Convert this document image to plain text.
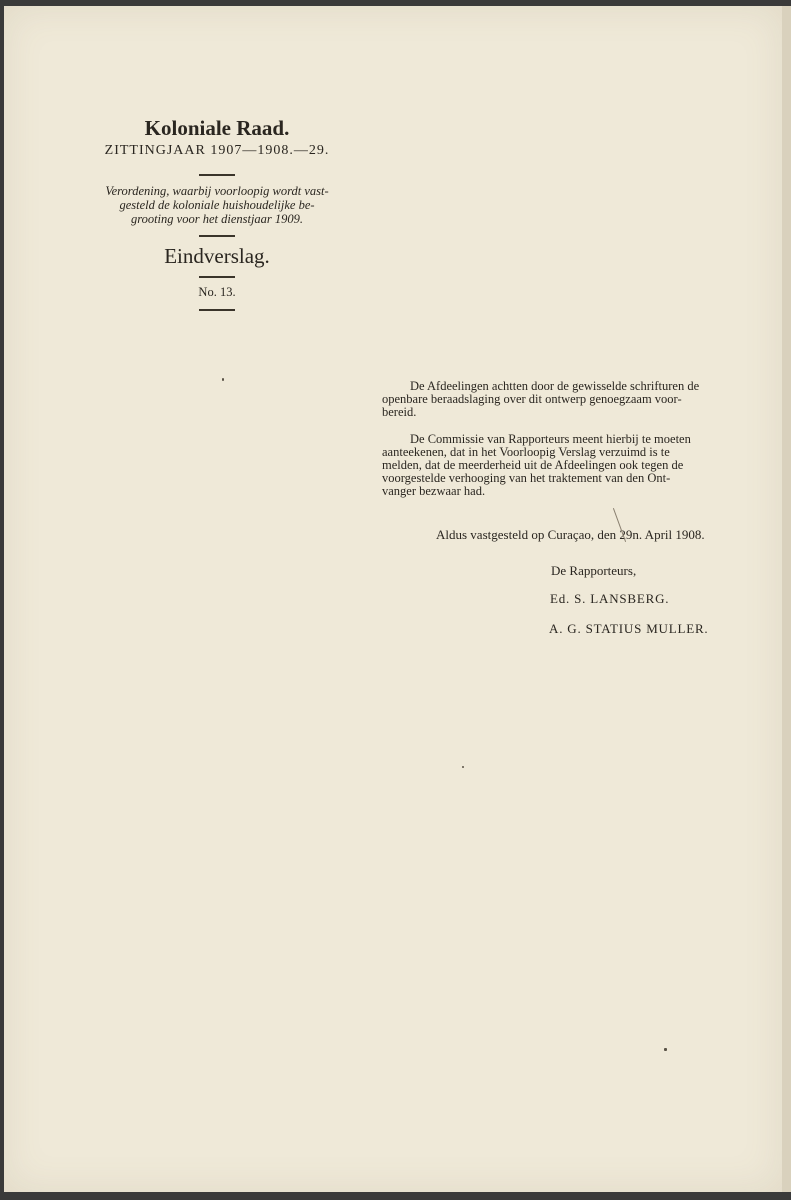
Koloniale Raad.

ZITTINGJAAR 1907—1908.—29.

Verordening, waarbij voorloopig wordt vast-

gesteld de koloniale huishoudelijke be-

grooting voor het dienstjaar 1909.

Eindverslag.

No. 13.

De Afdeelingen achtten door de gewisselde schrifturen de

openbare beraadslaging over dit ontwerp genoegzaam voor-

bereid.

De Commissie van Rapporteurs meent hierbij te moeten

aanteekenen, dat in het Voorloopig Verslag verzuimd is te

melden, dat de meerderheid uit de Afdeelingen ook tegen de

voorgestelde verhooging van het traktement van den Ont-

vanger bezwaar had.

Aldus vastgesteld op Curaçao, den 29n. April 1908.
De Rapporteurs,
Ed. S. LANSBERG.
A. G. STATIUS MULLER.
